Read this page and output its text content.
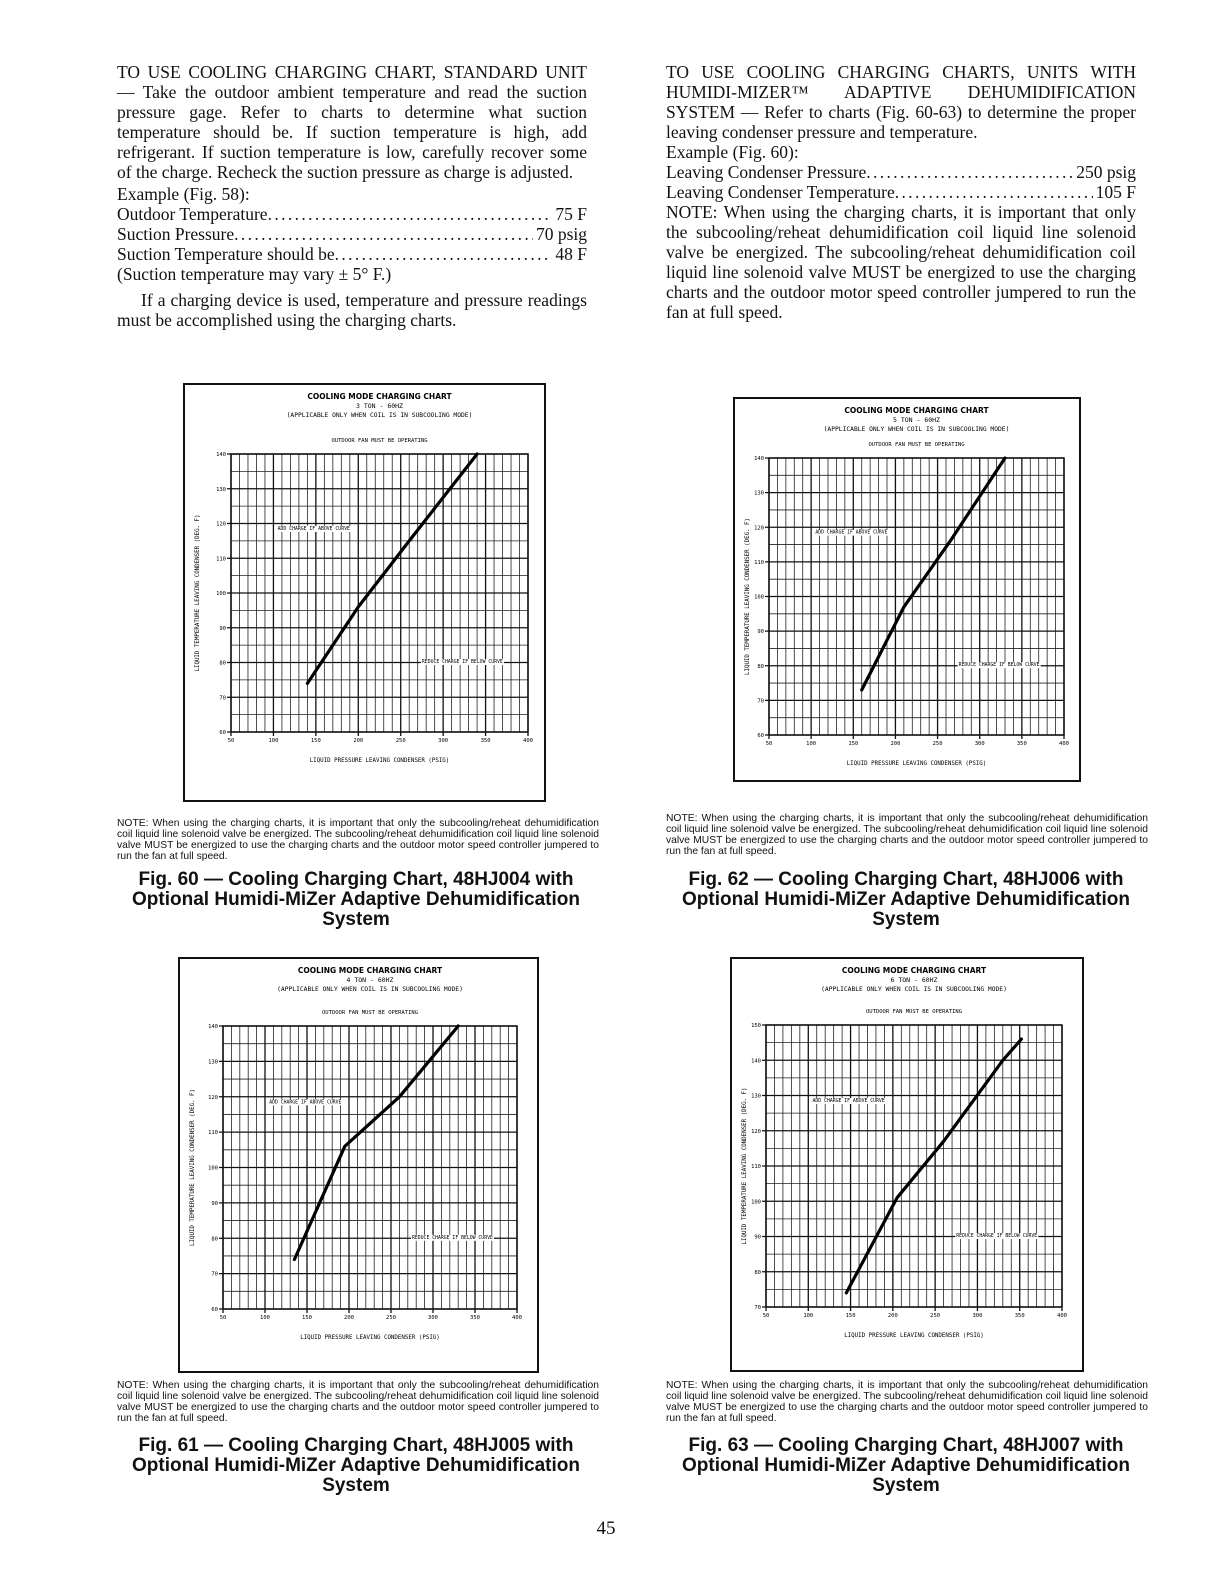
TO USE COOLING CHARGING CHART, STANDARD UNIT — Take the outdoor ambient temperature and read the suction pressure gage. Refer to charts to determine what suction temperature should be. If suction temperature is high, add refrigerant. If suction temperature is low, carefully recover some of the charge. Recheck the suction pressure as charge is adjusted.

Example (Fig. 58):

Outdoor Temperature . . .	75 F
Suction Pressure . . .	70 psig
Suction Temperature should be . . .	48 F

(Suction temperature may vary ± 5° F.)

If a charging device is used, temperature and pressure readings must be accomplished using the charging charts.

TO USE COOLING CHARGING CHARTS, UNITS WITH HUMIDI-MIZER™ ADAPTIVE DEHUMIDIFICATION SYSTEM — Refer to charts (Fig. 60-63) to determine the proper leaving condenser pressure and temperature.

Example (Fig. 60):

Leaving Condenser Pressure . . .	250 psig
Leaving Condenser Temperature . . .	105 F

NOTE: When using the charging charts, it is important that only the subcooling/reheat dehumidification coil liquid line solenoid valve be energized. The subcooling/reheat dehumidification coil liquid line solenoid valve MUST be energized to use the charging charts and the outdoor motor speed controller jumpered to run the fan at full speed.

COOLING MODE CHARGING CHART
3 TON - 60HZ
(APPLICABLE ONLY WHEN COIL IS IN SUBCOOLING MODE)
OUTDOOR FAN MUST BE OPERATING
50	100	150	200	250	300	350	400
60
70
80
90
100
110
120
130
140
ADD CHARGE IF ABOVE CURVE
REDUCE CHARGE IF BELOW CURVE
LIQUID PRESSURE LEAVING CONDENSER (PSIG)
LIQUID TEMPERATURE LEAVING CONDENSER (DEG. F)
COOLING MODE CHARGING CHART
5 TON - 60HZ
(APPLICABLE ONLY WHEN COIL IS IN SUBCOOLING MODE)
OUTDOOR FAN MUST BE OPERATING
50	100	150	200	250	300	350	400
60
70
80
90
100
110
120
130
140
ADD CHARGE IF ABOVE CURVE
REDUCE CHARGE IF BELOW CURVE
LIQUID PRESSURE LEAVING CONDENSER (PSIG)
LIQUID TEMPERATURE LEAVING CONDENSER (DEG. F)
COOLING MODE CHARGING CHART
4 TON - 60HZ
(APPLICABLE ONLY WHEN COIL IS IN SUBCOOLING MODE)
OUTDOOR FAN MUST BE OPERATING
50	100	150	200	250	300	350	400
60
70
80
90
100
110
120
130
140
ADD CHARGE IF ABOVE CURVE
REDUCE CHARGE IF BELOW CURVE
LIQUID PRESSURE LEAVING CONDENSER (PSIG)
LIQUID TEMPERATURE LEAVING CONDENSER (DEG. F)
COOLING MODE CHARGING CHART
6 TON - 60HZ
(APPLICABLE ONLY WHEN COIL IS IN SUBCOOLING MODE)
OUTDOOR FAN MUST BE OPERATING
50	100	150	200	250	300	350	400
70
80
90
100
110
120
130
140
150
ADD CHARGE IF ABOVE CURVE
REDUCE CHARGE IF BELOW CURVE
LIQUID PRESSURE LEAVING CONDENSER (PSIG)
LIQUID TEMPERATURE LEAVING CONDENSER (DEG. F)
NOTE: When using the charging charts, it is important that only the subcooling/reheat dehumidification coil liquid line solenoid valve be energized. The subcooling/reheat dehumidification coil liquid line solenoid valve MUST be energized to use the charging charts and the outdoor motor speed controller jumpered to run the fan at full speed.
NOTE: When using the charging charts, it is important that only the subcooling/reheat dehumidification coil liquid line solenoid valve be energized. The subcooling/reheat dehumidification coil liquid line solenoid valve MUST be energized to use the charging charts and the outdoor motor speed controller jumpered to run the fan at full speed.
NOTE: When using the charging charts, it is important that only the subcooling/reheat dehumidification coil liquid line solenoid valve be energized. The subcooling/reheat dehumidification coil liquid line solenoid valve MUST be energized to use the charging charts and the outdoor motor speed controller jumpered to run the fan at full speed.
NOTE: When using the charging charts, it is important that only the subcooling/reheat dehumidification coil liquid line solenoid valve be energized. The subcooling/reheat dehumidification coil liquid line solenoid valve MUST be energized to use the charging charts and the outdoor motor speed controller jumpered to run the fan at full speed.
Fig. 60 — Cooling Charging Chart, 48HJ004 with Optional Humidi-MiZer Adaptive Dehumidification System
Fig. 62 — Cooling Charging Chart, 48HJ006 with Optional Humidi-MiZer Adaptive Dehumidification System
Fig. 61 — Cooling Charging Chart, 48HJ005 with Optional Humidi-MiZer Adaptive Dehumidification System
Fig. 63 — Cooling Charging Chart, 48HJ007 with Optional Humidi-MiZer Adaptive Dehumidification System
45
